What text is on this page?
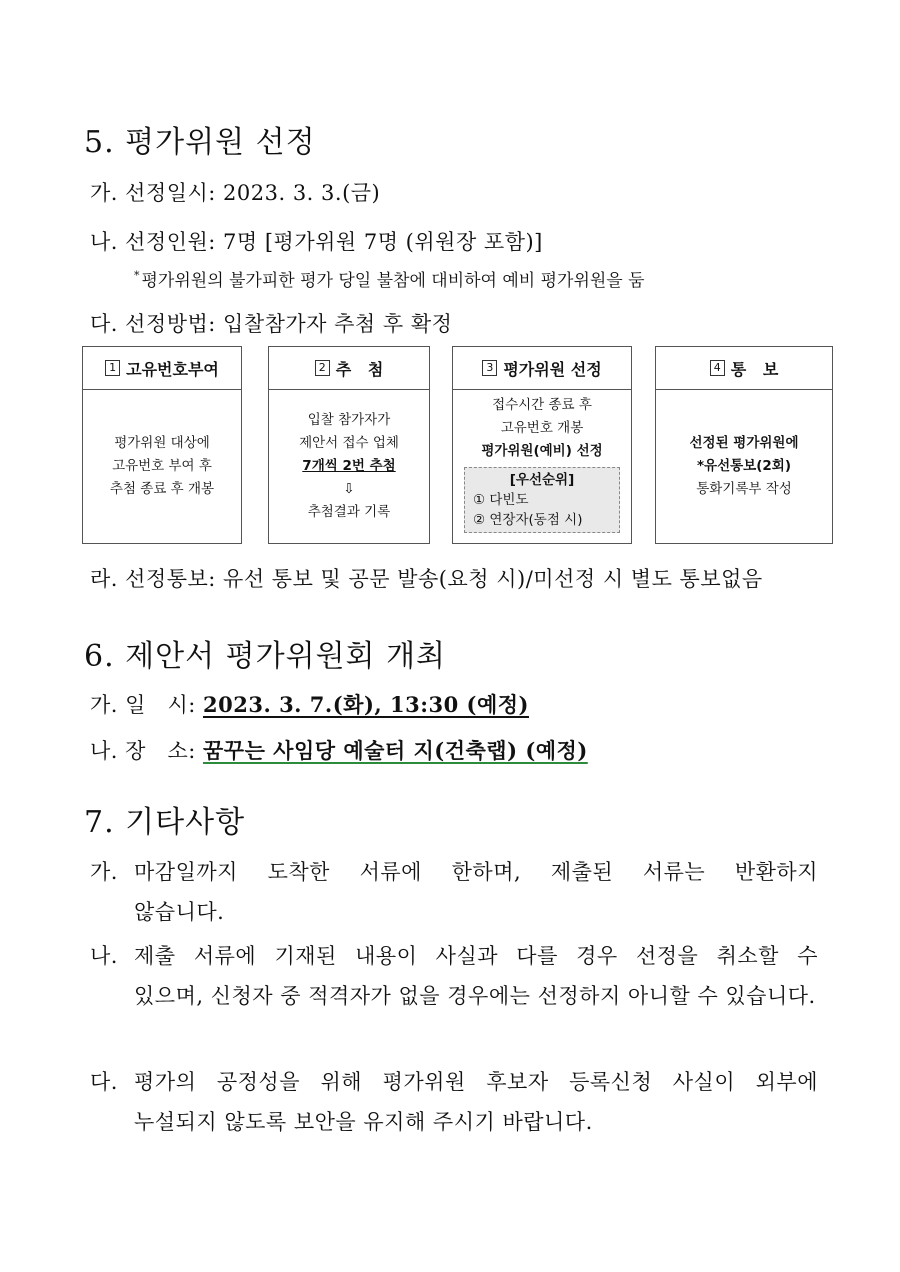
5. 평가위원 선정
가. 선정일시: 2023. 3. 3.(금)
나. 선정인원: 7명 [평가위원 7명 (위원장 포함)]
* 평가위원의 불가피한 평가 당일 불참에 대비하여 예비 평가위원을 둠
다. 선정방법: 입찰참가자 추첨 후 확정
1 고유번호부여
평가위원 대상에
고유번호 부여 후
추첨 종료 후 개봉
2 추   첨
입찰 참가자가
제안서 접수 업체
7개씩 2번 추첨
⇩
추첨결과 기록
3 평가위원 선정
접수시간 종료 후
고유번호 개봉
평가위원(예비) 선정
[우선순위]
① 다빈도
② 연장자(동점 시)
4 통   보
선정된 평가위원에
*유선통보(2회)
통화기록부 작성
라. 선정통보: 유선 통보 및 공문 발송(요청 시)/미선정 시 별도 통보없음
6. 제안서 평가위원회 개최
가. 일   시: 2023. 3. 7.(화), 13:30 (예정)
나. 장   소: 꿈꾸는 사임당 예술터 지(건축랩) (예정)
7. 기타사항
가. 마감일까지 도착한 서류에 한하며, 제출된 서류는 반환하지
않습니다.
나. 제출 서류에 기재된 내용이 사실과 다를 경우 선정을 취소할 수
있으며, 신청자 중 적격자가 없을 경우에는 선정하지 아니할 수 있습니다.
다. 평가의 공정성을 위해 평가위원 후보자 등록신청 사실이 외부에
누설되지 않도록 보안을 유지해 주시기 바랍니다.
